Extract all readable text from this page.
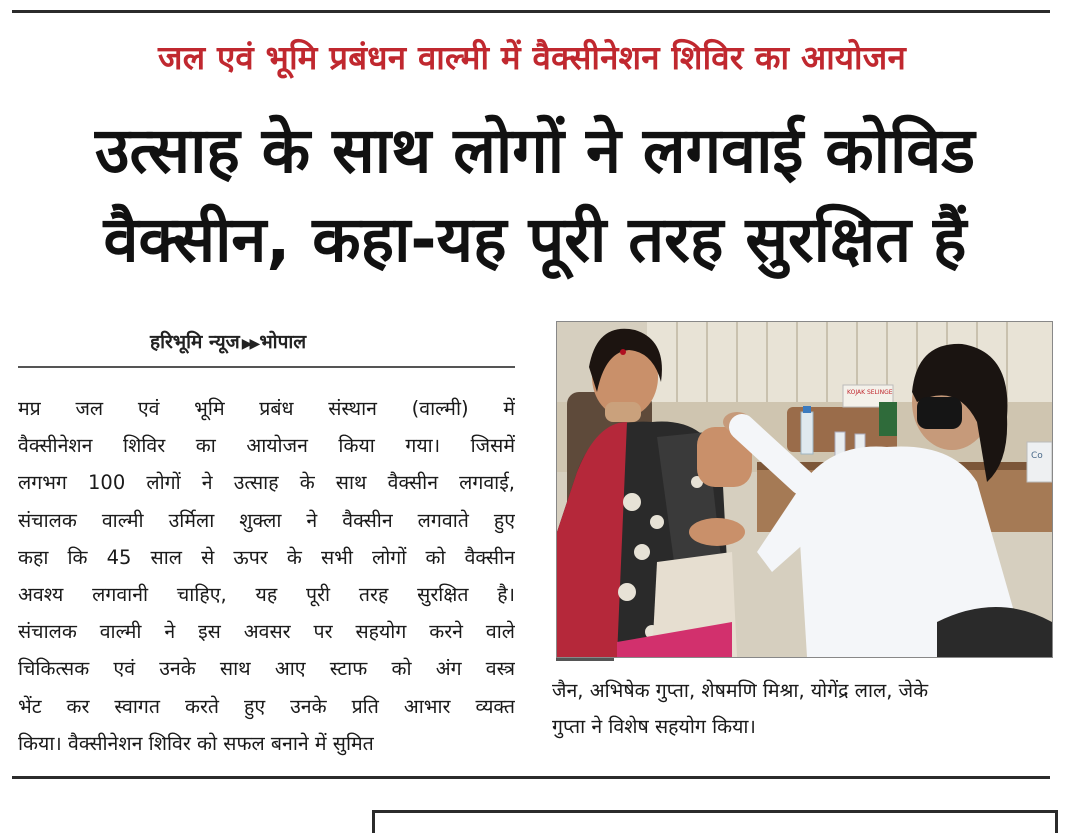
जल एवं भूमि प्रबंधन वाल्मी में वैक्सीनेशन शिविर का आयोजन
उत्साह के साथ लोगों ने लगवाई कोविड
वैक्सीन, कहा-यह पूरी तरह सुरक्षित हैं
हरिभूमि न्यूज ▶▶ भोपाल
मप्र जल एवं भूमि प्रबंध संस्थान (वाल्मी) में
वैक्सीनेशन शिविर का आयोजन किया गया। जिसमें
लगभग 100 लोगों ने उत्साह के साथ वैक्सीन लगवाई,
संचालक वाल्मी उर्मिला शुक्ला ने वैक्सीन लगवाते हुए
कहा कि 45 साल से ऊपर के सभी लोगों को वैक्सीन
अवश्य लगवानी चाहिए, यह पूरी तरह सुरक्षित है।
संचालक वाल्मी ने इस अवसर पर सहयोग करने वाले
चिकित्सक एवं उनके साथ आए स्टाफ को अंग वस्त्र
भेंट कर स्वागत करते हुए उनके प्रति आभार व्यक्त
किया। वैक्सीनेशन शिविर को सफल बनाने में सुमित
KOJAK SELINGE
Co
जैन, अभिषेक गुप्ता, शेषमणि मिश्रा, योगेंद्र लाल, जेके
गुप्ता ने विशेष सहयोग किया।
